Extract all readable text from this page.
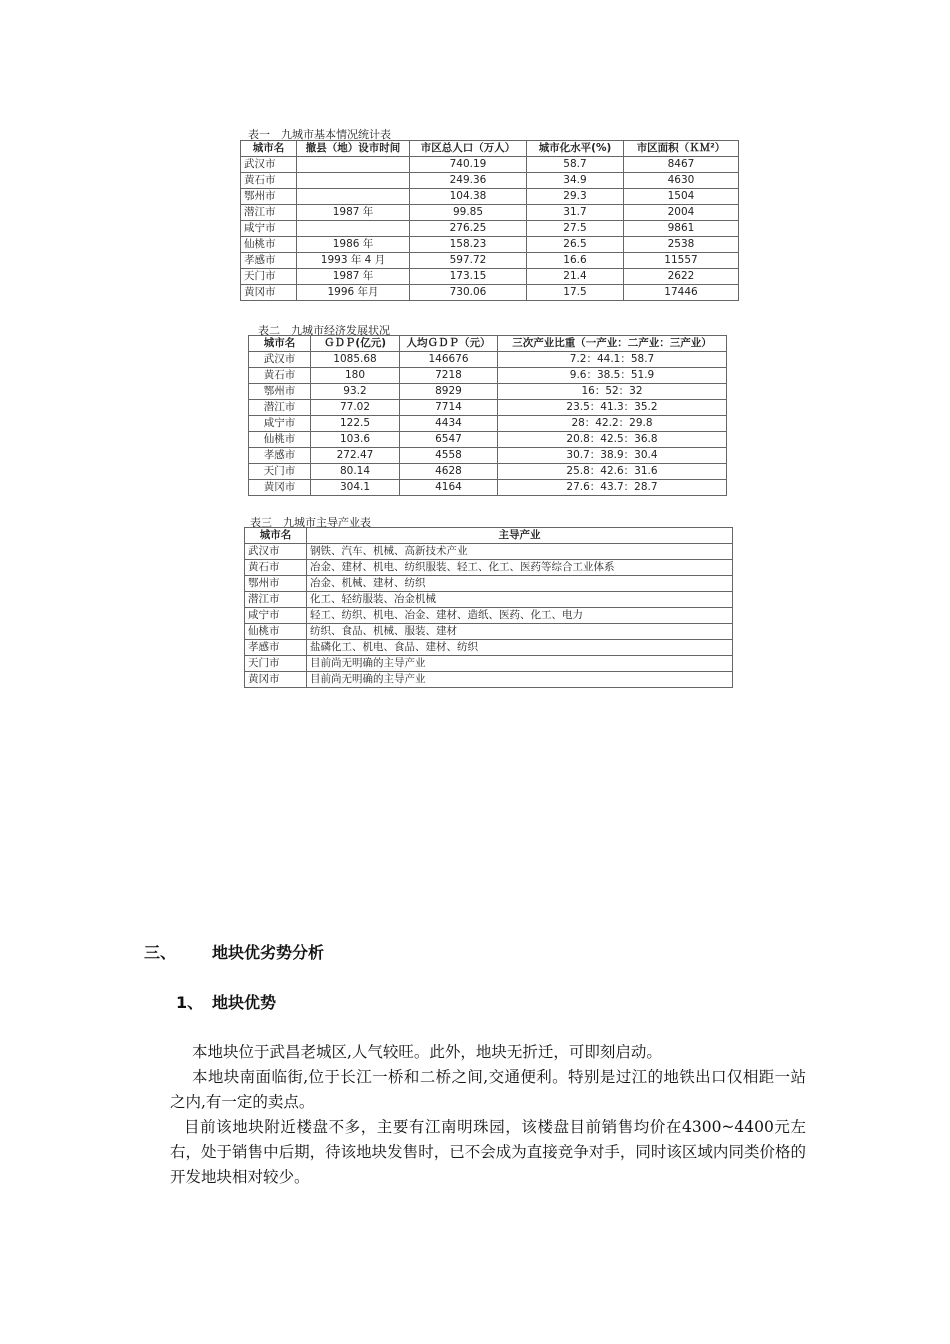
表一　九城市基本情况统计表
城市名	撤县（地）设市时间	市区总人口（万人）	城市化水平(%)	市区面积（ＫＭ²）
武汉市		740.19	58.7	8467
黄石市		249.36	34.9	4630
鄂州市		104.38	29.3	1504
潜江市	1987 年	99.85	31.7	2004
咸宁市		276.25	27.5	9861
仙桃市	1986 年	158.23	26.5	2538
孝感市	1993 年 4 月	597.72	16.6	11557
天门市	1987 年	173.15	21.4	2622
黄冈市	1996 年月	730.06	17.5	17446
表二　九城市经济发展状况
城市名	ＧＤＰ(亿元)	人均ＧＤＰ（元）	三次产业比重（一产业：二产业：三产业）
武汉市	1085.68	146676	7.2：44.1：58.7
黄石市	180	7218	9.6：38.5：51.9
鄂州市	93.2	8929	16：52：32
潜江市	77.02	7714	23.5：41.3：35.2
咸宁市	122.5	4434	28：42.2：29.8
仙桃市	103.6	6547	20.8：42.5：36.8
孝感市	272.47	4558	30.7：38.9：30.4
天门市	80.14	4628	25.8：42.6：31.6
黄冈市	304.1	4164	27.6：43.7：28.7
表三　九城市主导产业表
城市名	主导产业
武汉市	钢铁、汽车、机械、高新技术产业
黄石市	冶金、建材、机电、纺织服装、轻工、化工、医药等综合工业体系
鄂州市	冶金、机械、建材、纺织
潜江市	化工、轻纺服装、冶金机械
咸宁市	轻工、纺织、机电、冶金、建材、造纸、医药、化工、电力
仙桃市	纺织、食品、机械、服装、建材
孝感市	盐磷化工、机电、食品、建材、纺织
天门市	目前尚无明确的主导产业
黄冈市	目前尚无明确的主导产业
三、 地块优劣势分析
1、 地块优势

本地块位于武昌老城区,人气较旺。此外，地块无折迁，可即刻启动。

本地块南面临街,位于长江一桥和二桥之间,交通便利。特别是过江的地铁出口仅相距一站之内,有一定的卖点。

目前该地块附近楼盘不多，主要有江南明珠园，该楼盘目前销售均价在4300~4400元左右，处于销售中后期，待该地块发售时，已不会成为直接竞争对手，同时该区域内同类价格的开发地块相对较少。
